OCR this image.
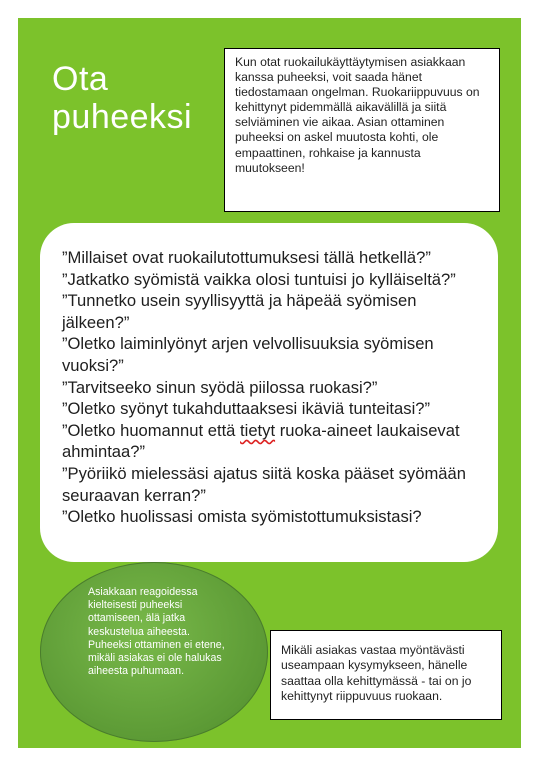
Ota
puheeksi
Kun otat ruokailukäyttäytymisen asiakkaan kanssa puheeksi, voit saada hänet tiedostamaan ongelman. Ruokariippuvuus on kehittynyt pidemmällä aikavälillä ja siitä selviäminen vie aikaa. Asian ottaminen puheeksi on askel muutosta kohti, ole empaattinen, rohkaise ja kannusta muutokseen!

”Millaiset ovat ruokailutottumuksesi tällä hetkellä?”

”Jatkatko syömistä vaikka olosi tuntuisi jo kylläiseltä?”

”Tunnetko usein syyllisyyttä ja häpeää syömisen jälkeen?”

”Oletko laiminlyönyt arjen velvollisuuksia syömisen vuoksi?”

”Tarvitseeko sinun syödä piilossa ruokasi?”

”Oletko syönyt tukahduttaaksesi ikäviä tunteitasi?”

”Oletko huomannut että tietyt ruoka-aineet laukaisevat ahmintaa?”

”Pyöriikö mielessäsi ajatus siitä koska pääset syömään seuraavan kerran?”

”Oletko huolissasi omista syömistottumuksistasi?

Asiakkaan reagoidessa kielteisesti puheeksi ottamiseen, älä jatka keskustelua aiheesta. Puheeksi ottaminen ei etene, mikäli asiakas ei ole halukas aiheesta puhumaan.
Mikäli asiakas vastaa myöntävästi useampaan kysymykseen, hänelle saattaa olla kehittymässä - tai on jo kehittynyt riippuvuus ruokaan.
